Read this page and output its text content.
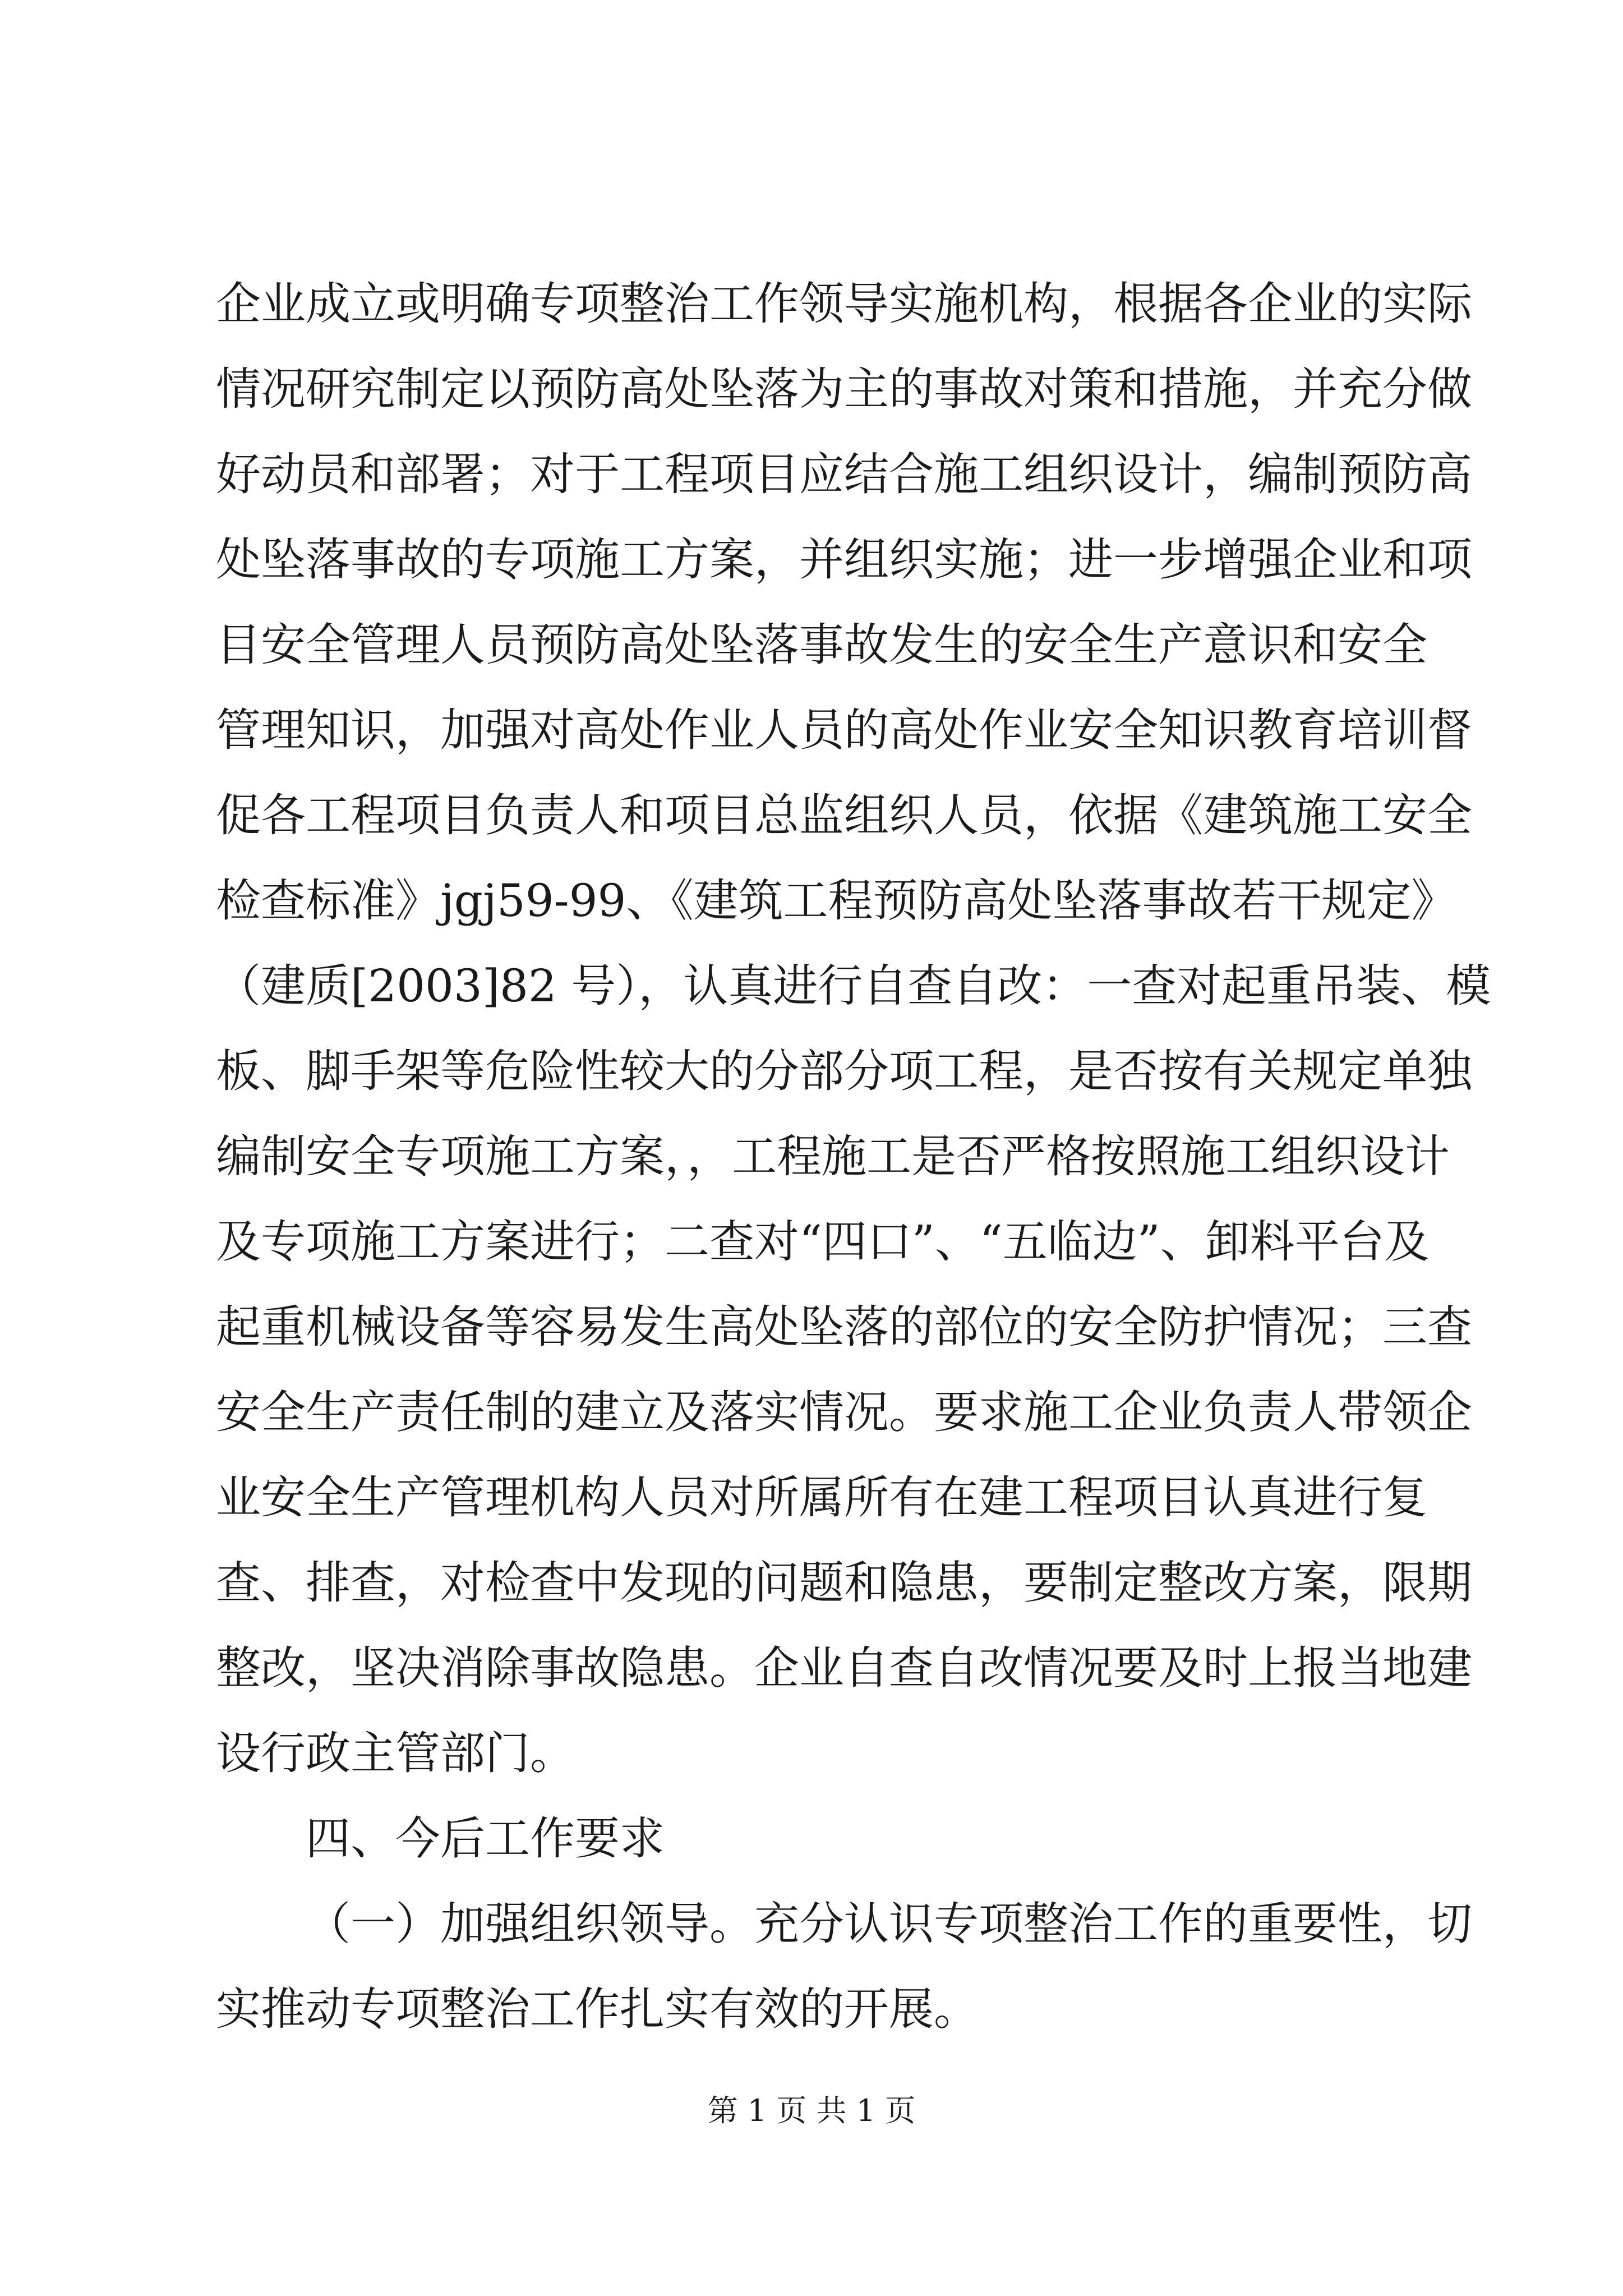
企业成立或明确专项整治工作领导实施机构，根据各企业的实际
情况研究制定以预防高处坠落为主的事故对策和措施，并充分做
好动员和部署；对于工程项目应结合施工组织设计，编制预防高
处坠落事故的专项施工方案，并组织实施；进一步增强企业和项
目安全管理人员预防高处坠落事故发生的安全生产意识和安全
管理知识，加强对高处作业人员的高处作业安全知识教育培训督
促各工程项目负责人和项目总监组织人员，依据《建筑施工安全
检查标准》jgj59-99、《建筑工程预防高处坠落事故若干规定》
（建质[2003]82 号），认真进行自查自改：一查对起重吊装、模
板、脚手架等危险性较大的分部分项工程，是否按有关规定单独
编制安全专项施工方案，，工程施工是否严格按照施工组织设计
及专项施工方案进行；二查对“四口”、“五临边”、卸料平台及
起重机械设备等容易发生高处坠落的部位的安全防护情况；三查
安全生产责任制的建立及落实情况。要求施工企业负责人带领企
业安全生产管理机构人员对所属所有在建工程项目认真进行复
查、排查，对检查中发现的问题和隐患，要制定整改方案，限期
整改，坚决消除事故隐患。企业自查自改情况要及时上报当地建
设行政主管部门。
四、今后工作要求
（一）加强组织领导。充分认识专项整治工作的重要性，切
实推动专项整治工作扎实有效的开展。
第 1 页 共 1 页
